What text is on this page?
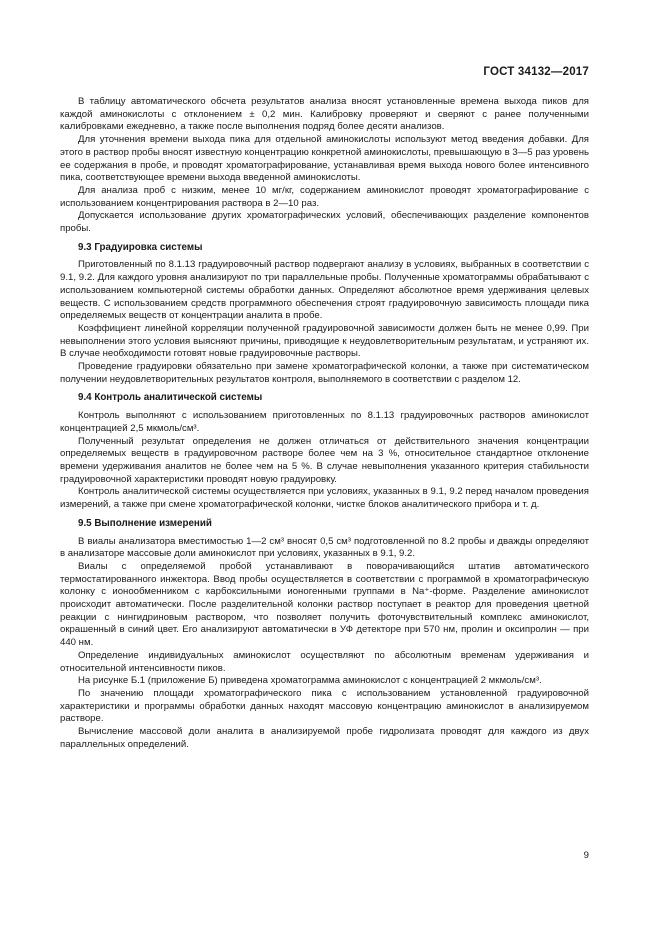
ГОСТ 34132—2017

В таблицу автоматического обсчета результатов анализа вносят установленные времена выхода пиков для каждой аминокислоты с отклонением ± 0,2 мин. Калибровку проверяют и сверяют с ранее полученными калибровками ежедневно, а также после выполнения подряд более десяти анализов.

Для уточнения времени выхода пика для отдельной аминокислоты используют метод введения добавки. Для этого в раствор пробы вносят известную концентрацию конкретной аминокислоты, превышающую в 3—5 раз уровень ее содержания в пробе, и проводят хроматографирование, устанавливая время выхода нового более интенсивного пика, соответствующее времени выхода введенной аминокислоты.

Для анализа проб с низким, менее 10 мг/кг, содержанием аминокислот проводят хроматографирование с использованием концентрирования раствора в 2—10 раз.

Допускается использование других хроматографических условий, обеспечивающих разделение компонентов пробы.

9.3 Градуировка системы

Приготовленный по 8.1.13 градуировочный раствор подвергают анализу в условиях, выбранных в соответствии с 9.1, 9.2. Для каждого уровня анализируют по три параллельные пробы. Полученные хроматограммы обрабатывают с использованием компьютерной системы обработки данных. Определяют абсолютное время удерживания целевых веществ. С использованием средств программного обеспечения строят градуировочную зависимость площади пика определяемых веществ от концентрации аналита в пробе.

Коэффициент линейной корреляции полученной градуировочной зависимости должен быть не менее 0,99. При невыполнении этого условия выясняют причины, приводящие к неудовлетворительным результатам, и устраняют их. В случае необходимости готовят новые градуировочные растворы.

Проведение градуировки обязательно при замене хроматографической колонки, а также при систематическом получении неудовлетворительных результатов контроля, выполняемого в соответствии с разделом 12.

9.4 Контроль аналитической системы

Контроль выполняют с использованием приготовленных по 8.1.13 градуировочных растворов аминокислот концентрацией 2,5 мкмоль/см³.

Полученный результат определения не должен отличаться от действительного значения концентрации определяемых веществ в градуировочном растворе более чем на 3 %, относительное стандартное отклонение времени удерживания аналитов не более чем на 5 %. В случае невыполнения указанного критерия стабильности градуировочной характеристики проводят новую градуировку.

Контроль аналитической системы осуществляется при условиях, указанных в 9.1, 9.2 перед началом проведения измерений, а также при смене хроматографической колонки, чистке блоков аналитического прибора и т. д.

9.5 Выполнение измерений

В виалы анализатора вместимостью 1—2 см³ вносят 0,5 см³ подготовленной по 8.2 пробы и дважды определяют в анализаторе массовые доли аминокислот при условиях, указанных в 9.1, 9.2.

Виалы с определяемой пробой устанавливают в поворачивающийся штатив автоматического термостатированного инжектора. Ввод пробы осуществляется в соответствии с программой в хроматографическую колонку с ионообменником с карбоксильными ионогенными группами в Na⁺-форме. Разделение аминокислот происходит автоматически. После разделительной колонки раствор поступает в реактор для проведения цветной реакции с нингидриновым раствором, что позволяет получить фоточувствительный комплекс аминокислот, окрашенный в синий цвет. Его анализируют автоматически в УФ детекторе при 570 нм, пролин и оксипролин — при 440 нм.

Определение индивидуальных аминокислот осуществляют по абсолютным временам удерживания и относительной интенсивности пиков.

На рисунке Б.1 (приложение Б) приведена хроматограмма аминокислот с концентрацией 2 мкмоль/см³.

По значению площади хроматографического пика с использованием установленной градуировочной характеристики и программы обработки данных находят массовую концентрацию аминокислот в анализируемом растворе.

Вычисление массовой доли аналита в анализируемой пробе гидролизата проводят для каждого из двух параллельных определений.

9
